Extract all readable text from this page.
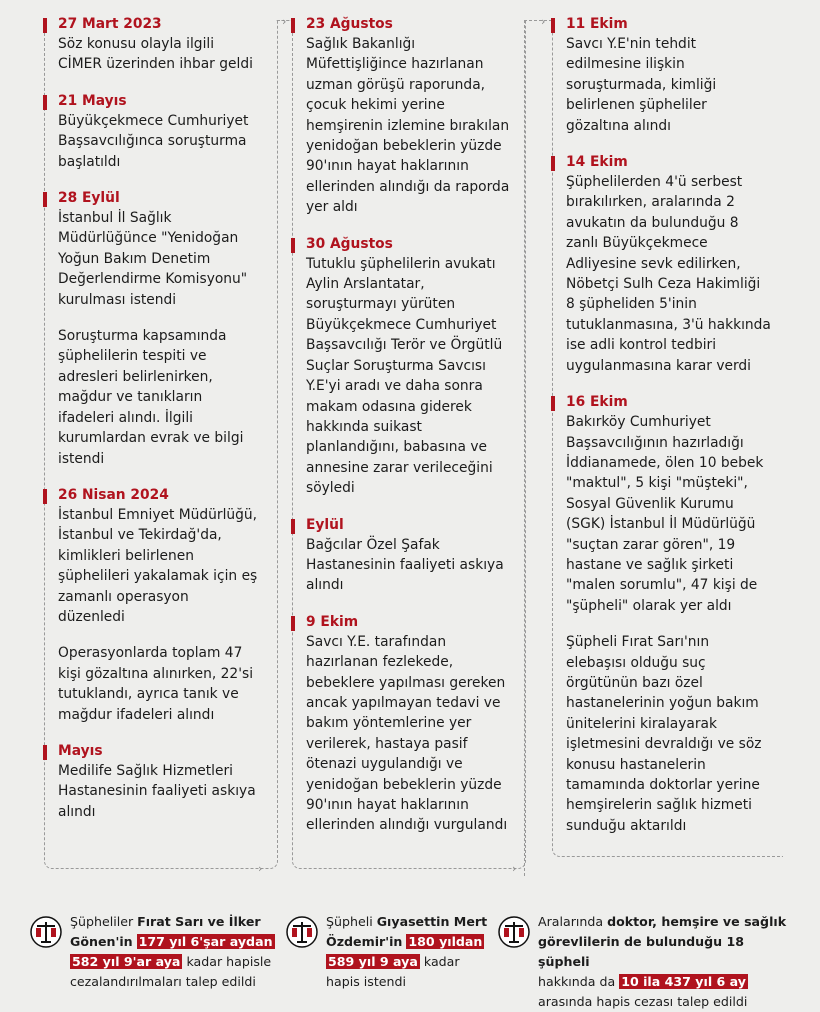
›	›
›	›
27 Mart 2023
Söz konusu olayla ilgili
CİMER üzerinden ihbar geldi
21 Mayıs
Büyükçekmece Cumhuriyet
Başsavcılığınca soruşturma
başlatıldı
28 Eylül
İstanbul İl Sağlık
Müdürlüğünce "Yenidoğan
Yoğun Bakım Denetim
Değerlendirme Komisyonu"
kurulması istendi
Soruşturma kapsamında
şüphelilerin tespiti ve
adresleri belirlenirken,
mağdur ve tanıkların
ifadeleri alındı. İlgili
kurumlardan evrak ve bilgi
istendi
26 Nisan 2024
İstanbul Emniyet Müdürlüğü,
İstanbul ve Tekirdağ'da,
kimlikleri belirlenen
şüphelileri yakalamak için eş
zamanlı operasyon
düzenledi
Operasyonlarda toplam 47
kişi gözaltına alınırken, 22'si
tutuklandı, ayrıca tanık ve
mağdur ifadeleri alındı
Mayıs
Medilife Sağlık Hizmetleri
Hastanesinin faaliyeti askıya
alındı
23 Ağustos
Sağlık Bakanlığı
Müfettişliğince hazırlanan
uzman görüşü raporunda,
çocuk hekimi yerine
hemşirenin izlemine bırakılan
yenidoğan bebeklerin yüzde
90'ının hayat haklarının
ellerinden alındığı da raporda
yer aldı
30 Ağustos
Tutuklu şüphelilerin avukatı
Aylin Arslantatar,
soruşturmayı yürüten
Büyükçekmece Cumhuriyet
Başsavcılığı Terör ve Örgütlü
Suçlar Soruşturma Savcısı
Y.E'yi aradı ve daha sonra
makam odasına giderek
hakkında suikast
planlandığını, babasına ve
annesine zarar verileceğini
söyledi
Eylül
Bağcılar Özel Şafak
Hastanesinin faaliyeti askıya
alındı
9 Ekim
Savcı Y.E. tarafından
hazırlanan fezlekede,
bebeklere yapılması gereken
ancak yapılmayan tedavi ve
bakım yöntemlerine yer
verilerek, hastaya pasif
ötenazi uygulandığı ve
yenidoğan bebeklerin yüzde
90'ının hayat haklarının
ellerinden alındığı vurgulandı
11 Ekim
Savcı Y.E'nin tehdit
edilmesine ilişkin
soruşturmada, kimliği
belirlenen şüpheliler
gözaltına alındı
14 Ekim
Şüphelilerden 4'ü serbest
bırakılırken, aralarında 2
avukatın da bulunduğu 8
zanlı Büyükçekmece
Adliyesine sevk edilirken,
Nöbetçi Sulh Ceza Hakimliği
8 şüpheliden 5'inin
tutuklanmasına, 3'ü hakkında
ise adli kontrol tedbiri
uygulanmasına karar verdi
16 Ekim
Bakırköy Cumhuriyet
Başsavcılığının hazırladığı
İddianamede, ölen 10 bebek
"maktul", 5 kişi "müşteki",
Sosyal Güvenlik Kurumu
(SGK) İstanbul İl Müdürlüğü
"suçtan zarar gören", 19
hastane ve sağlık şirketi
"malen sorumlu", 47 kişi de
"şüpheli" olarak yer aldı
Şüpheli Fırat Sarı'nın
elebaşısı olduğu suç
örgütünün bazı özel
hastanelerinin yoğun bakım
ünitelerini kiralayarak
işletmesini devraldığı ve söz
konusu hastanelerin
tamamında doktorlar yerine
hemşirelerin sağlık hizmeti
sunduğu aktarıldı
Şüpheliler Fırat Sarı ve İlker
Gönen'in 177 yıl 6'şar aydan
582 yıl 9'ar aya kadar hapisle
cezalandırılmaları talep edildi
Şüpheli Gıyasettin Mert
Özdemir'in 180 yıldan
589 yıl 9 aya kadar
hapis istendi
Aralarında doktor, hemşire ve sağlık
görevlilerin de bulunduğu 18 şüpheli
hakkında da 10 ila 437 yıl 6 ay
arasında hapis cezası talep edildi
